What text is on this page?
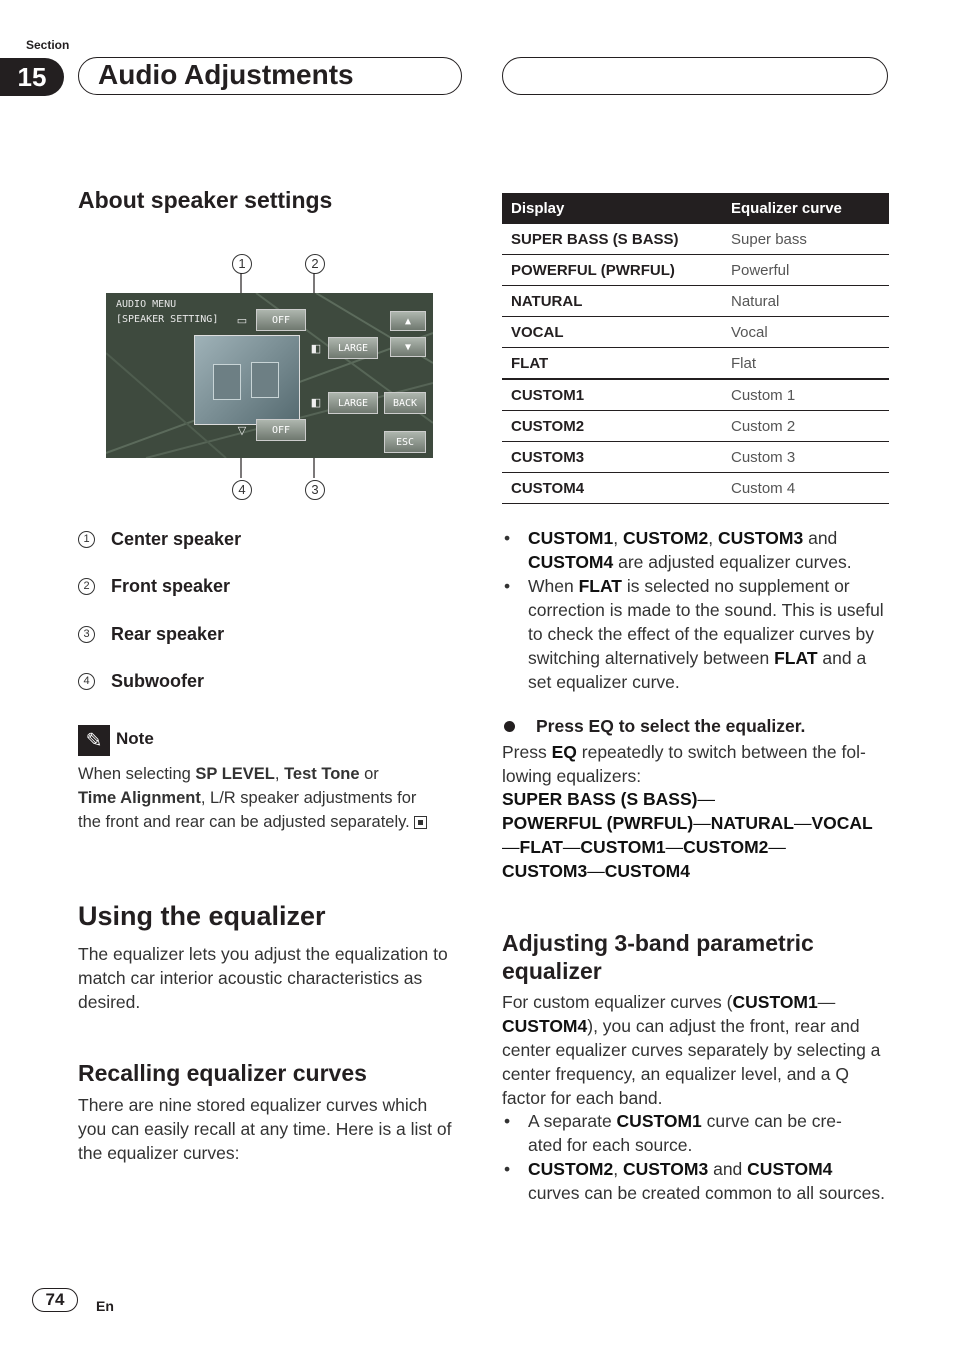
Section
15	Audio Adjustments
About speaker settings
1	2
4	3
AUDIO MENU
[SPEAKER SETTING]	▭	OFF
◧	LARGE
▲
▼
◧	LARGE	BACK
▽	OFF
ESC
1	Center speaker
2	Front speaker
3	Rear speaker
4	Subwoofer
✎ Note
When selecting SP LEVEL, Test Tone or
Time Alignment, L/R speaker adjustments for
the front and rear can be adjusted separately.
Using the equalizer

The equalizer lets you adjust the equalization to match car interior acoustic characteristics as desired.

Recalling equalizer curves

There are nine stored equalizer curves which you can easily recall at any time. Here is a list of the equalizer curves:

Display	Equalizer curve
SUPER BASS (S BASS)	Super bass
POWERFUL (PWRFUL)	Powerful
NATURAL	Natural
VOCAL	Vocal
FLAT	Flat
CUSTOM1	Custom 1
CUSTOM2	Custom 2
CUSTOM3	Custom 3
CUSTOM4	Custom 4
• CUSTOM1, CUSTOM2, CUSTOM3 and
CUSTOM4 are adjusted equalizer curves.
• When FLAT is selected no supplement or correction is made to the sound. This is useful to check the effect of the equalizer curves by switching alternatively between FLAT and a set equalizer curve.
Press EQ to select the equalizer.

Press EQ repeatedly to switch between the fol-
lowing equalizers:

SUPER BASS (S BASS)—
POWERFUL (PWRFUL)—NATURAL—VOCAL
—FLAT—CUSTOM1—CUSTOM2—
CUSTOM3—CUSTOM4
Adjusting 3-band parametric equalizer

For custom equalizer curves (CUSTOM1—CUSTOM4), you can adjust the front, rear and center equalizer curves separately by selecting a center frequency, an equalizer level, and a Q factor for each band.

• A separate CUSTOM1 curve can be cre-
ated for each source.
• CUSTOM2, CUSTOM3 and CUSTOM4
curves can be created common to all sources.
74	En
